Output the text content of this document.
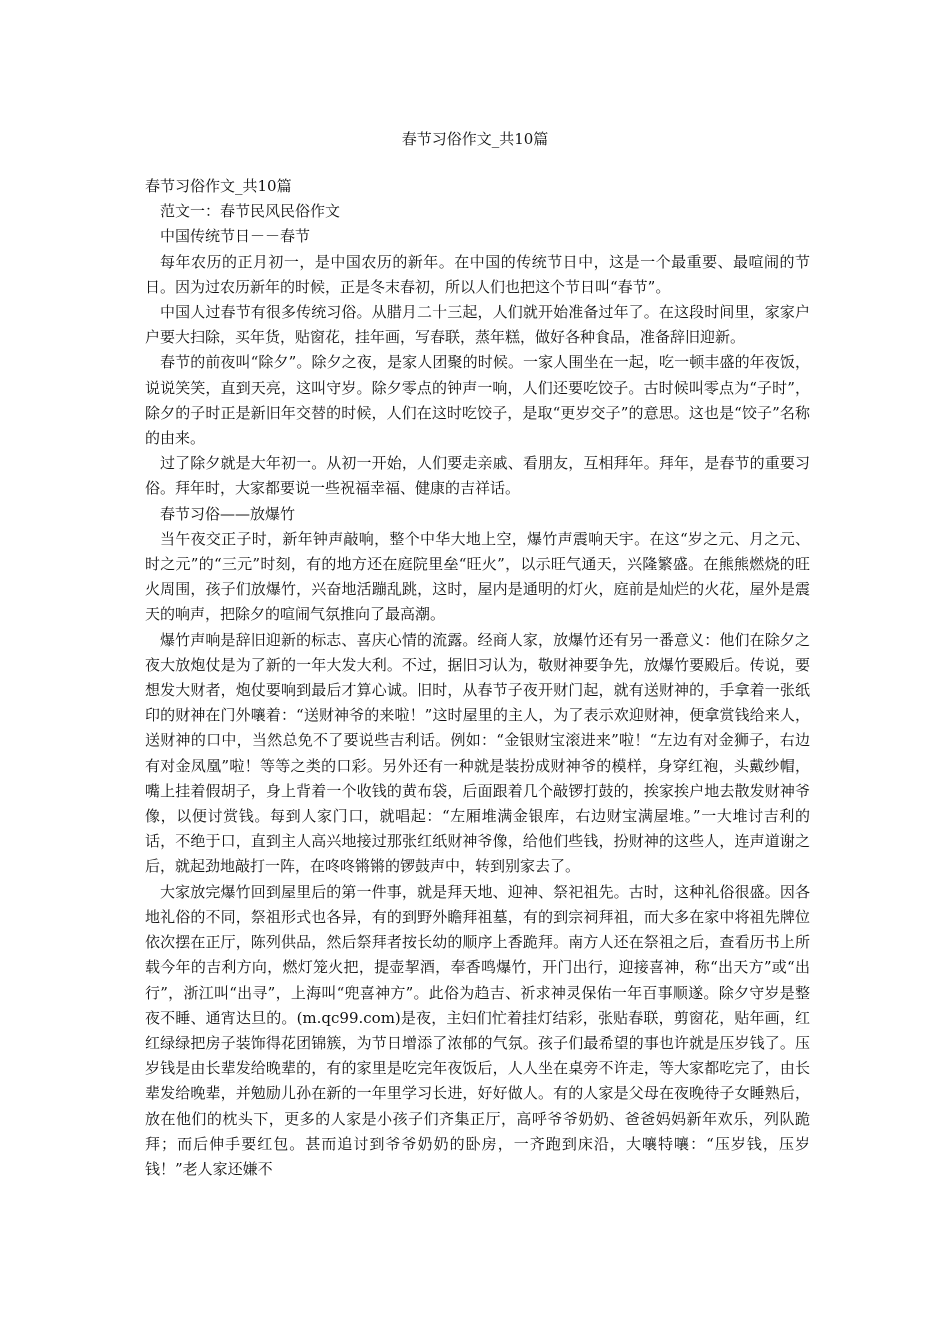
春节习俗作文_共10篇

春节习俗作文_共10篇

范文一：春节民风民俗作文

中国传统节日－－春节

每年农历的正月初一，是中国农历的新年。在中国的传统节日中，这是一个最重要、最喧闹的节日。因为过农历新年的时候，正是冬末春初，所以人们也把这个节日叫“春节”。

中国人过春节有很多传统习俗。从腊月二十三起，人们就开始准备过年了。在这段时间里，家家户户要大扫除，买年货，贴窗花，挂年画，写春联，蒸年糕，做好各种食品，准备辞旧迎新。

春节的前夜叫“除夕”。除夕之夜，是家人团聚的时候。一家人围坐在一起，吃一顿丰盛的年夜饭，说说笑笑，直到天亮，这叫守岁。除夕零点的钟声一响，人们还要吃饺子。古时候叫零点为“子时”，除夕的子时正是新旧年交替的时候，人们在这时吃饺子，是取“更岁交子”的意思。这也是“饺子”名称的由来。

过了除夕就是大年初一。从初一开始，人们要走亲戚、看朋友，互相拜年。拜年，是春节的重要习俗。拜年时，大家都要说一些祝福幸福、健康的吉祥话。

春节习俗——放爆竹

当午夜交正子时，新年钟声敲响，整个中华大地上空，爆竹声震响天宇。在这“岁之元、月之元、时之元”的“三元”时刻，有的地方还在庭院里垒“旺火”，以示旺气通天，兴隆繁盛。在熊熊燃烧的旺火周围，孩子们放爆竹，兴奋地活蹦乱跳，这时，屋内是通明的灯火，庭前是灿烂的火花，屋外是震天的响声，把除夕的喧闹气氛推向了最高潮。

爆竹声响是辞旧迎新的标志、喜庆心情的流露。经商人家，放爆竹还有另一番意义：他们在除夕之夜大放炮仗是为了新的一年大发大利。不过，据旧习认为，敬财神要争先，放爆竹要殿后。传说，要想发大财者，炮仗要响到最后才算心诚。旧时，从春节子夜开财门起，就有送财神的，手拿着一张纸印的财神在门外嚷着：“送财神爷的来啦！”这时屋里的主人，为了表示欢迎财神，便拿赏钱给来人，送财神的口中，当然总免不了要说些吉利话。例如：“金银财宝滚进来”啦！“左边有对金狮子，右边有对金凤凰”啦！等等之类的口彩。另外还有一种就是装扮成财神爷的模样，身穿红袍，头戴纱帽，嘴上挂着假胡子，身上背着一个收钱的黄布袋，后面跟着几个敲锣打鼓的，挨家挨户地去散发财神爷像，以便讨赏钱。每到人家门口，就唱起：“左厢堆满金银库，右边财宝满屋堆。”一大堆讨吉利的话，不绝于口，直到主人高兴地接过那张红纸财神爷像，给他们些钱，扮财神的这些人，连声道谢之后，就起劲地敲打一阵，在咚咚锵锵的锣鼓声中，转到别家去了。

大家放完爆竹回到屋里后的第一件事，就是拜天地、迎神、祭祀祖先。古时，这种礼俗很盛。因各地礼俗的不同，祭祖形式也各异，有的到野外瞻拜祖墓，有的到宗祠拜祖，而大多在家中将祖先牌位依次摆在正厅，陈列供品，然后祭拜者按长幼的顺序上香跪拜。南方人还在祭祖之后，查看历书上所载今年的吉利方向，燃灯笼火把，提壶挈酒，奉香鸣爆竹，开门出行，迎接喜神，称“出天方”或“出行”，浙江叫“出寻”，上海叫“兜喜神方”。此俗为趋吉、祈求神灵保佑一年百事顺遂。除夕守岁是整夜不睡、通宵达旦的。(m.qc99.com)是夜，主妇们忙着挂灯结彩，张贴春联，剪窗花，贴年画，红红绿绿把房子装饰得花团锦簇，为节日增添了浓郁的气氛。孩子们最希望的事也许就是压岁钱了。压岁钱是由长辈发给晚辈的，有的家里是吃完年夜饭后，人人坐在桌旁不许走，等大家都吃完了，由长辈发给晚辈，并勉励儿孙在新的一年里学习长进，好好做人。有的人家是父母在夜晚待子女睡熟后，放在他们的枕头下，更多的人家是小孩子们齐集正厅，高呼爷爷奶奶、爸爸妈妈新年欢乐，列队跪拜；而后伸手要红包。甚而追讨到爷爷奶奶的卧房，一齐跑到床沿，大嚷特嚷：“压岁钱，压岁钱！”老人家还嫌不
